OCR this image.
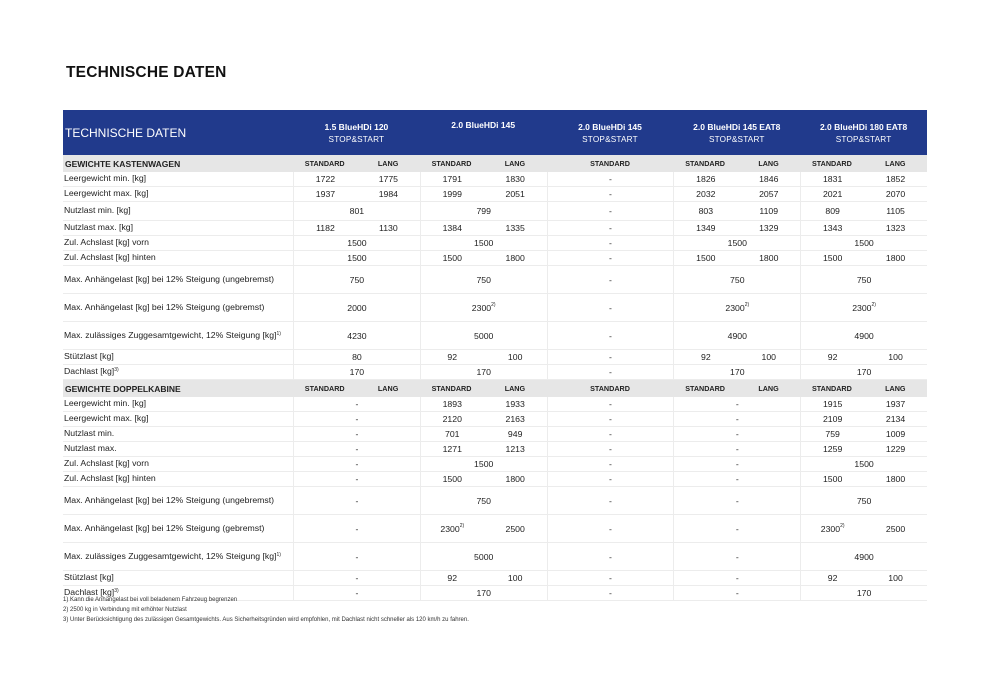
TECHNISCHE DATEN
TECHNISCHE DATEN	1.5 BlueHDi 120
STOP&START
2.0 BlueHDi 145	2.0 BlueHDi 145
STOP&START
2.0 BlueHDi 145 EAT8
STOP&START
2.0 BlueHDi 180 EAT8
STOP&START
GEWICHTE KASTENWAGEN	STANDARD	LANG	STANDARD	LANG	STANDARD	STANDARD	LANG	STANDARD	LANG
Leergewicht min. [kg]	1722	1775	1791	1830	-	1826	1846	1831	1852
Leergewicht max. [kg]	1937	1984	1999	2051	-	2032	2057	2021	2070
Nutzlast min. [kg]	801	799	-	803	1109	809	1105
Nutzlast max. [kg]	1182	1130	1384	1335	-	1349	1329	1343	1323
Zul. Achslast [kg] vorn	1500	1500	-	1500	1500
Zul. Achslast [kg] hinten	1500	1500	1800	-	1500	1800	1500	1800
Max. Anhängelast [kg] bei 12% Steigung (ungebremst)	750	750	-	750	750
Max. Anhängelast [kg] bei 12% Steigung (gebremst)	2000	2300$^{2)}$	-	2300$^{2)}$	2300$^{2)}$
Max. zulässiges Zuggesamtgewicht, 12% Steigung [kg]$^{1)}$	4230	5000	-	4900	4900
Stützlast [kg]	80	92	100	-	92	100	92	100
Dachlast [kg]$^{3)}$	170	170	-	170	170
GEWICHTE DOPPELKABINE	STANDARD	LANG	STANDARD	LANG	STANDARD	STANDARD	LANG	STANDARD	LANG
Leergewicht min. [kg]	-	1893	1933	-	-	1915	1937
Leergewicht max. [kg]	-	2120	2163	-	-	2109	2134
Nutzlast min.	-	701	949	-	-	759	1009
Nutzlast max.	-	1271	1213	-	-	1259	1229
Zul. Achslast [kg] vorn	-	1500	-	-	1500
Zul. Achslast [kg] hinten	-	1500	1800	-	-	1500	1800
Max. Anhängelast [kg] bei 12% Steigung (ungebremst)	-	750	-	-	750
Max. Anhängelast [kg] bei 12% Steigung (gebremst)	-	2300$^{2)}$	2500	-	-	2300$^{2)}$	2500
Max. zulässiges Zuggesamtgewicht, 12% Steigung [kg]$^{1)}$	-	5000	-	-	4900
Stützlast [kg]	-	92	100	-	-	92	100
Dachlast [kg]$^{3)}$	-	170	-	-	170
1) Kann die Anhängelast bei voll beladenem Fahrzeug begrenzen
2) 2500 kg in Verbindung mit erhöhter Nutzlast
3) Unter Berücksichtigung des zulässigen Gesamtgewichts. Aus Sicherheitsgründen wird empfohlen, mit Dachlast nicht schneller als 120 km/h zu fahren.
